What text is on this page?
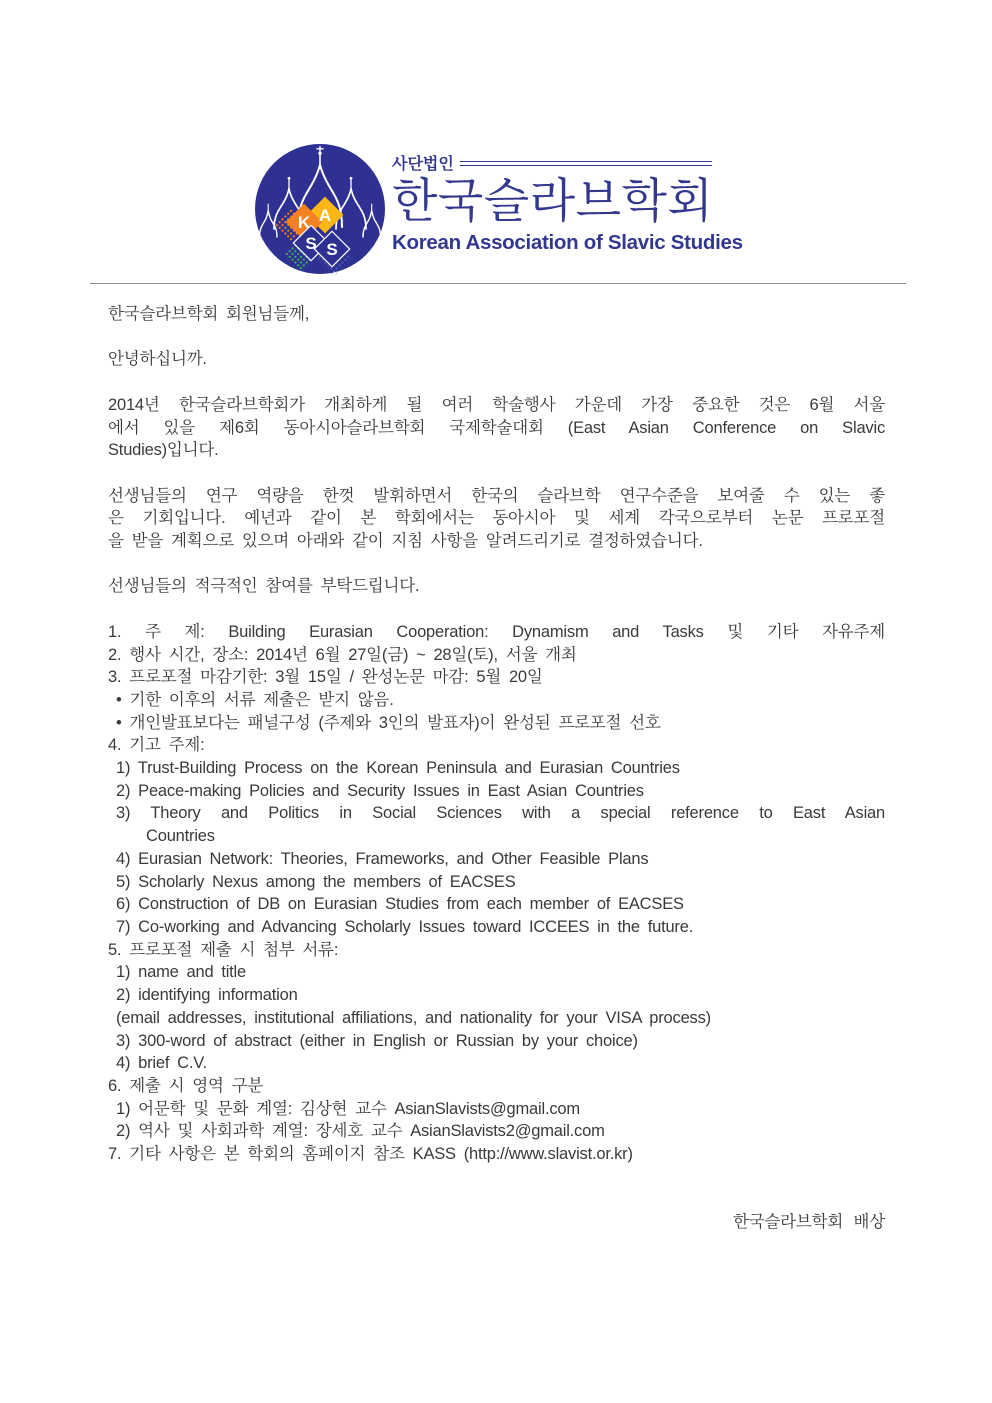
K A
S S
사단법인
한국슬라브학회
Korean Association of Slavic Studies
한국슬라브학회 회원님들께,

안녕하십니까.

2014년 한국슬라브학회가 개최하게 될 여러 학술행사 가운데 가장 중요한 것은 6월 서울
에서 있을 제6회 동아시아슬라브학회 국제학술대회 (East Asian Conference on Slavic
Studies)입니다.

선생님들의 연구 역량을 한껏 발휘하면서 한국의 슬라브학 연구수준을 보여줄 수 있는 좋
은 기회입니다. 예년과 같이 본 학회에서는 동아시아 및 세계 각국으로부터 논문 프로포절
을 받을 계획으로 있으며 아래와 같이 지침 사항을 알려드리기로 결정하였습니다.

선생님들의 적극적인 참여를 부탁드립니다.

1. 주 제: Building Eurasian Cooperation: Dynamism and Tasks 및 기타 자유주제
2. 행사 시간, 장소: 2014년 6월 27일(금) ~ 28일(토), 서울 개최
3. 프로포절 마감기한: 3월 15일 / 완성논문 마감: 5월 20일
• 기한 이후의 서류 제출은 받지 않음.
• 개인발표보다는 패널구성 (주제와 3인의 발표자)이 완성된 프로포절 선호
4. 기고 주제:
1) Trust-Building Process on the Korean Peninsula and Eurasian Countries
2) Peace-making Policies and Security Issues in East Asian Countries
3) Theory and Politics in Social Sciences with a special reference to East Asian
Countries
4) Eurasian Network: Theories, Frameworks, and Other Feasible Plans
5) Scholarly Nexus among the members of EACSES
6) Construction of DB on Eurasian Studies from each member of EACSES
7) Co-working and Advancing Scholarly Issues toward ICCEES in the future.
5. 프로포절 제출 시 첨부 서류:
1) name and title
2) identifying information
(email addresses, institutional affiliations, and nationality for your VISA process)
3) 300-word of abstract (either in English or Russian by your choice)
4) brief C.V.
6. 제출 시 영역 구분
1) 어문학 및 문화 계열: 김상현 교수 AsianSlavists@gmail.com
2) 역사 및 사회과학 계열: 장세호 교수 AsianSlavists2@gmail.com
7. 기타 사항은 본 학회의 홈페이지 참조 KASS (http://www.slavist.or.kr)

한국슬라브학회 배상
